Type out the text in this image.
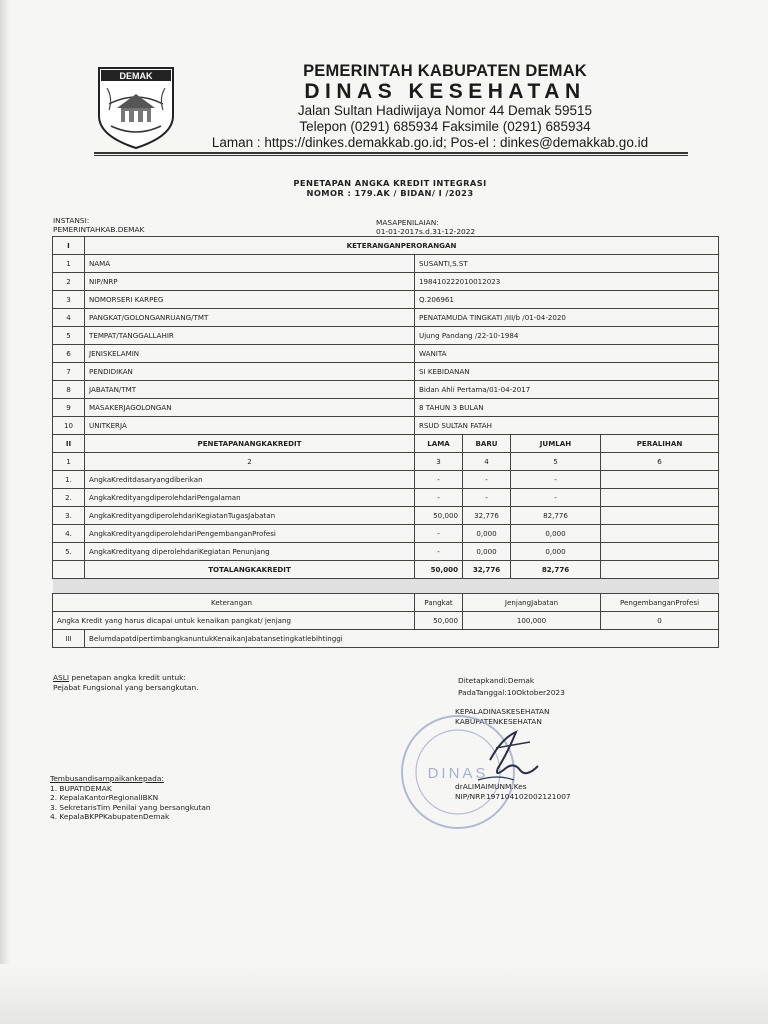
DEMAK	PEMERINTAH KABUPATEN DEMAK
DINAS KESEHATAN
Jalan Sultan Hadiwijaya Nomor 44 Demak 59515
Telepon (0291) 685934 Faksimile (0291) 685934
Laman : https://dinkes.demakkab.go.id; Pos-el : dinkes@demakkab.go.id
PENETAPAN ANGKA KREDIT INTEGRASI
NOMOR : 179.AK / BIDAN/ I /2023
INSTANSI:
PEMERINTAHKAB.DEMAK
MASAPENILAIAN:
01-01-2017s.d.31-12-2022
I	KETERANGANPERORANGAN				
1	NAMA	SUSANTI,S.ST			
2	NIP/NRP	198410222010012023			
3	NOMORSERI KARPEG	Q.206961			
4	PANGKAT/GOLONGANRUANG/TMT	PENATAMUDA TINGKATI /III/b /01-04-2020			
5	TEMPAT/TANGGALLAHIR	Ujung Pandang /22-10-1984			
6	JENISKELAMIN	WANITA			
7	PENDIDIKAN	SI KEBIDANAN			
8	JABATAN/TMT	Bidan Ahli Pertama/01-04-2017			
9	MASAKERJAGOLONGAN	8 TAHUN 3 BULAN			
10	UNITKERJA	RSUD SULTAN FATAH			
II	PENETAPANANGKAKREDIT	LAMA	BARU	JUMLAH	PERALIHAN
1	2	3	4	5	6
1.	AngkaKreditdasaryangdiberikan	-	-	-	
2.	AngkaKredityangdiperolehdariPengalaman	-	-	-	
3.	AngkaKredityangdiperolehdariKegiatanTugasJabatan	50,000	32,776	82,776	
4.	AngkaKredityangdiperolehdariPengembanganProfesi	-	0,000	0,000	
5.	AngkaKredityang diperolehdariKegiatan Penunjang	-	0,000	0,000	
	TOTALANGKAKREDIT	50,000	32,776	82,776	

Keterangan		Pangkat	JenjangJabatan		PengembanganProfesi
Angka Kredit yang harus dicapai untuk kenaikan pangkat/ jenjang		50,000	100,000		0
III	BelumdapatdipertimbangkanuntukKenaikanJabatansetingkatlebihtinggi				
ASLI penetapan angka kredit untuk:
Pejabat Fungsional yang bersangkutan.
Ditetapkandi:Demak
PadaTanggal:10Oktober2023
KEPALADINASKESEHATAN
KABUPATENKESEHATAN
DINAS
drALIMAIMUNM.Kes
NIP/NRP.197104102002121007
Tembusandisampaikankepada:
1. BUPATIDEMAK
2. KepalaKantorRegionalIBKN
3. SekretarisTim Penilai yang bersangkutan
4. KepalaBKPPKabupatenDemak
